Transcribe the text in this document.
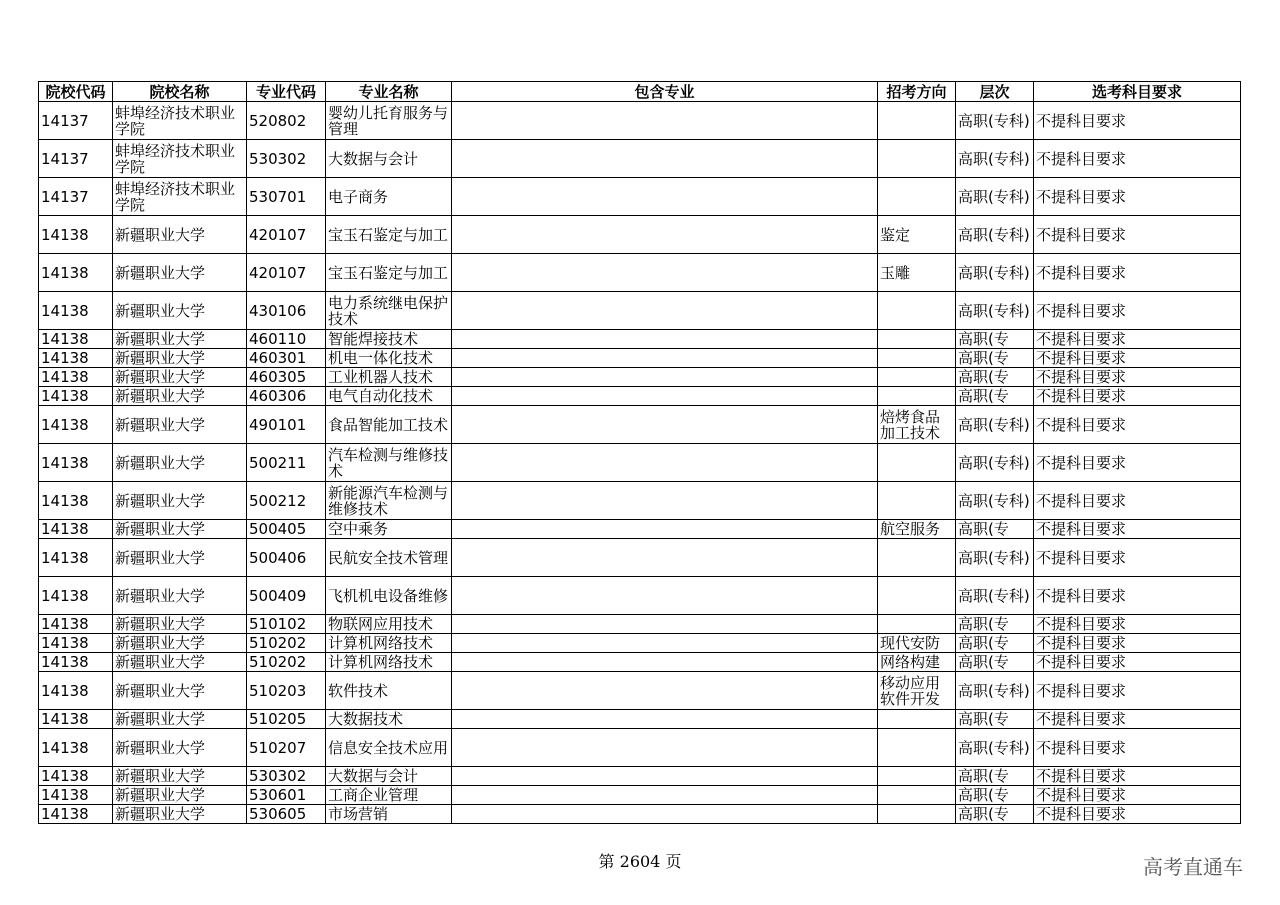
院校代码	院校名称	专业代码	专业名称	包含专业	招考方向	层次	选考科目要求
14137	蚌埠经济技术职业学院	520802	婴幼儿托育服务与管理			高职(专科)	不提科目要求
14137	蚌埠经济技术职业学院	530302	大数据与会计			高职(专科)	不提科目要求
14137	蚌埠经济技术职业学院	530701	电子商务			高职(专科)	不提科目要求
14138	新疆职业大学	420107	宝玉石鉴定与加工		鉴定	高职(专科)	不提科目要求
14138	新疆职业大学	420107	宝玉石鉴定与加工		玉雕	高职(专科)	不提科目要求
14138	新疆职业大学	430106	电力系统继电保护技术			高职(专科)	不提科目要求
14138	新疆职业大学	460110	智能焊接技术			高职(专	不提科目要求
14138	新疆职业大学	460301	机电一体化技术			高职(专	不提科目要求
14138	新疆职业大学	460305	工业机器人技术			高职(专	不提科目要求
14138	新疆职业大学	460306	电气自动化技术			高职(专	不提科目要求
14138	新疆职业大学	490101	食品智能加工技术		焙烤食品加工技术	高职(专科)	不提科目要求
14138	新疆职业大学	500211	汽车检测与维修技术			高职(专科)	不提科目要求
14138	新疆职业大学	500212	新能源汽车检测与维修技术			高职(专科)	不提科目要求
14138	新疆职业大学	500405	空中乘务		航空服务	高职(专	不提科目要求
14138	新疆职业大学	500406	民航安全技术管理			高职(专科)	不提科目要求
14138	新疆职业大学	500409	飞机机电设备维修			高职(专科)	不提科目要求
14138	新疆职业大学	510102	物联网应用技术			高职(专	不提科目要求
14138	新疆职业大学	510202	计算机网络技术		现代安防	高职(专	不提科目要求
14138	新疆职业大学	510202	计算机网络技术		网络构建	高职(专	不提科目要求
14138	新疆职业大学	510203	软件技术		移动应用软件开发	高职(专科)	不提科目要求
14138	新疆职业大学	510205	大数据技术			高职(专	不提科目要求
14138	新疆职业大学	510207	信息安全技术应用			高职(专科)	不提科目要求
14138	新疆职业大学	530302	大数据与会计			高职(专	不提科目要求
14138	新疆职业大学	530601	工商企业管理			高职(专	不提科目要求
14138	新疆职业大学	530605	市场营销			高职(专	不提科目要求
第 2604 页	高考直通车
